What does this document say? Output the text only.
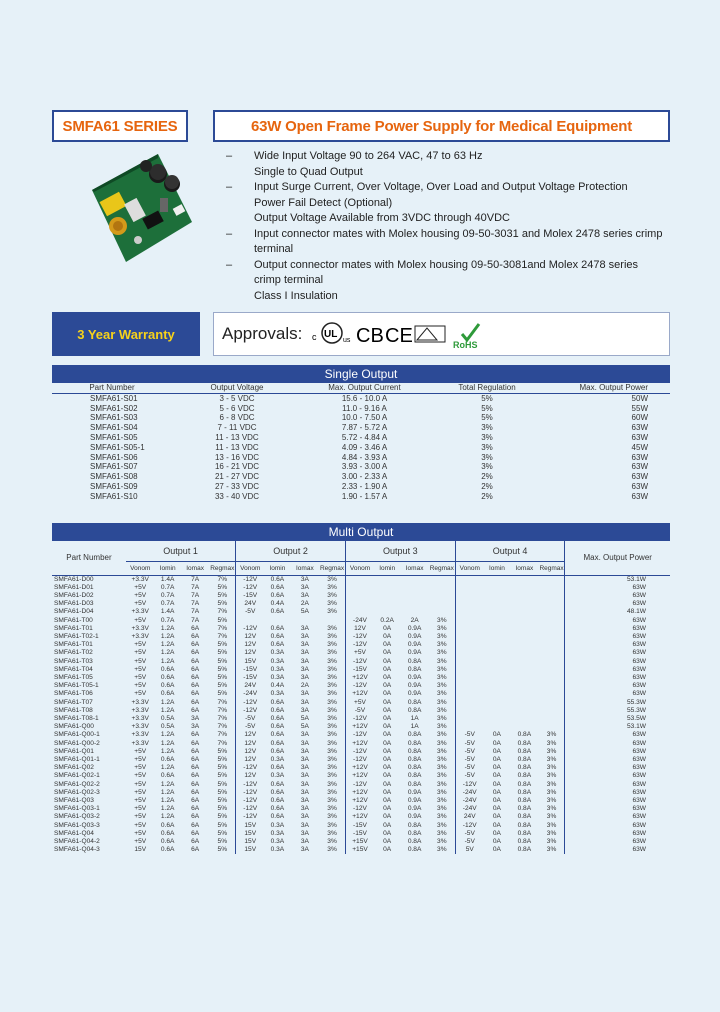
SMFA61 SERIES	63W Open Frame Power Supply for Medical Equipment
–	Wide Input Voltage 90 to 264 VAC, 47 to 63 Hz
Single to Quad Output
–	Input Surge Current, Over Voltage, Over Load and Output Voltage Protection
Power Fail Detect (Optional)
Output Voltage Available from 3VDC through 40VDC
–	Input connector mates with Molex housing 09-50-3031 and Molex 2478 series crimp terminal
–	Output connector mates with Molex housing 09-50-3081and Molex 2478 series crimp terminal
Class I Insulation
3 Year Warranty	Approvals: c UL
us CB CE	RoHS
Single Output
Part Number	Output Voltage	Max. Output Current	Total Regulation	Max. Output Power
SMFA61-S01	3 - 5 VDC	15.6 - 10.0 A	5%	50W
SMFA61-S02	5 - 6 VDC	11.0 - 9.16 A	5%	55W
SMFA61-S03	6 - 8 VDC	10.0 - 7.50 A	5%	60W
SMFA61-S04	7 - 11 VDC	7.87 - 5.72 A	3%	63W
SMFA61-S05	11 - 13 VDC	5.72 - 4.84 A	3%	63W
SMFA61-S05-1	11 - 13 VDC	4.09 - 3.46 A	3%	45W
SMFA61-S06	13 - 16 VDC	4.84 - 3.93 A	3%	63W
SMFA61-S07	16 - 21 VDC	3.93 - 3.00 A	3%	63W
SMFA61-S08	21 - 27 VDC	3.00 - 2.33 A	2%	63W
SMFA61-S09	27 - 33 VDC	2.33 - 1.90 A	2%	63W
SMFA61-S10	33 - 40 VDC	1.90 - 1.57 A	2%	63W
Multi Output
Part Number	Output 1				Output 2				Output 3				Output 4				Max. Output Power
	Vonom	Iomin	Iomax	Regmax	Vonom	Iomin	Iomax	Regmax	Vonom	Iomin	Iomax	Regmax	Vonom	Iomin	Iomax	Regmax	
SMFA61-D00	+3.3V	1.4A	7A	7%	-12V	0.6A	3A	3%									53.1W
SMFA61-D01	+5V	0.7A	7A	5%	-12V	0.6A	3A	3%									63W
SMFA61-D02	+5V	0.7A	7A	5%	-15V	0.6A	3A	3%									63W
SMFA61-D03	+5V	0.7A	7A	5%	24V	0.4A	2A	3%									63W
SMFA61-D04	+3.3V	1.4A	7A	7%	-5V	0.6A	5A	3%									48.1W
SMFA61-T00	+5V	0.7A	7A	5%					-24V	0.2A	2A	3%					63W
SMFA61-T01	+3.3V	1.2A	6A	7%	-12V	0.6A	3A	3%	12V	0A	0.9A	3%					63W
SMFA61-T02-1	+3.3V	1.2A	6A	7%	12V	0.6A	3A	3%	-12V	0A	0.9A	3%					63W
SMFA61-T01	+5V	1.2A	6A	5%	12V	0.6A	3A	3%	-12V	0A	0.9A	3%					63W
SMFA61-T02	+5V	1.2A	6A	5%	12V	0.3A	3A	3%	+5V	0A	0.9A	3%					63W
SMFA61-T03	+5V	1.2A	6A	5%	15V	0.3A	3A	3%	-12V	0A	0.8A	3%					63W
SMFA61-T04	+5V	0.6A	6A	5%	-15V	0.3A	3A	3%	-15V	0A	0.8A	3%					63W
SMFA61-T05	+5V	0.6A	6A	5%	-15V	0.3A	3A	3%	+12V	0A	0.9A	3%					63W
SMFA61-T05-1	+5V	0.6A	6A	5%	24V	0.4A	2A	3%	-12V	0A	0.9A	3%					63W
SMFA61-T06	+5V	0.6A	6A	5%	-24V	0.3A	3A	3%	+12V	0A	0.9A	3%					63W
SMFA61-T07	+3.3V	1.2A	6A	7%	-12V	0.6A	3A	3%	+5V	0A	0.8A	3%					55.3W
SMFA61-T08	+3.3V	1.2A	6A	7%	-12V	0.6A	3A	3%	-5V	0A	0.8A	3%					55.3W
SMFA61-T08-1	+3.3V	0.5A	3A	7%	-5V	0.6A	5A	3%	-12V	0A	1A	3%					53.5W
SMFA61-Q00	+3.3V	0.5A	3A	7%	-5V	0.6A	5A	3%	+12V	0A	1A	3%					53.1W
SMFA61-Q00-1	+3.3V	1.2A	6A	7%	12V	0.6A	3A	3%	-12V	0A	0.8A	3%	-5V	0A	0.8A	3%	63W
SMFA61-Q00-2	+3.3V	1.2A	6A	7%	12V	0.6A	3A	3%	+12V	0A	0.8A	3%	-5V	0A	0.8A	3%	63W
SMFA61-Q01	+5V	1.2A	6A	5%	12V	0.6A	3A	3%	-12V	0A	0.8A	3%	-5V	0A	0.8A	3%	63W
SMFA61-Q01-1	+5V	0.6A	6A	5%	12V	0.3A	3A	3%	-12V	0A	0.8A	3%	-5V	0A	0.8A	3%	63W
SMFA61-Q02	+5V	1.2A	6A	5%	-12V	0.6A	3A	3%	+12V	0A	0.8A	3%	-5V	0A	0.8A	3%	63W
SMFA61-Q02-1	+5V	0.6A	6A	5%	12V	0.3A	3A	3%	+12V	0A	0.8A	3%	-5V	0A	0.8A	3%	63W
SMFA61-Q02-2	+5V	1.2A	6A	5%	-12V	0.6A	3A	3%	-12V	0A	0.8A	3%	-12V	0A	0.8A	3%	63W
SMFA61-Q02-3	+5V	1.2A	6A	5%	-12V	0.6A	3A	3%	+12V	0A	0.9A	3%	-24V	0A	0.8A	3%	63W
SMFA61-Q03	+5V	1.2A	6A	5%	-12V	0.6A	3A	3%	+12V	0A	0.9A	3%	-24V	0A	0.8A	3%	63W
SMFA61-Q03-1	+5V	1.2A	6A	5%	-12V	0.6A	3A	3%	-12V	0A	0.9A	3%	-24V	0A	0.8A	3%	63W
SMFA61-Q03-2	+5V	1.2A	6A	5%	-12V	0.6A	3A	3%	+12V	0A	0.9A	3%	24V	0A	0.8A	3%	63W
SMFA61-Q03-3	+5V	0.6A	6A	5%	15V	0.3A	3A	3%	-15V	0A	0.8A	3%	-12V	0A	0.8A	3%	63W
SMFA61-Q04	+5V	0.6A	6A	5%	15V	0.3A	3A	3%	-15V	0A	0.8A	3%	-5V	0A	0.8A	3%	63W
SMFA61-Q04-2	+5V	0.6A	6A	5%	15V	0.3A	3A	3%	+15V	0A	0.8A	3%	-5V	0A	0.8A	3%	63W
SMFA61-Q04-3	15V	0.6A	6A	5%	15V	0.3A	3A	3%	+15V	0A	0.8A	3%	5V	0A	0.8A	3%	63W
